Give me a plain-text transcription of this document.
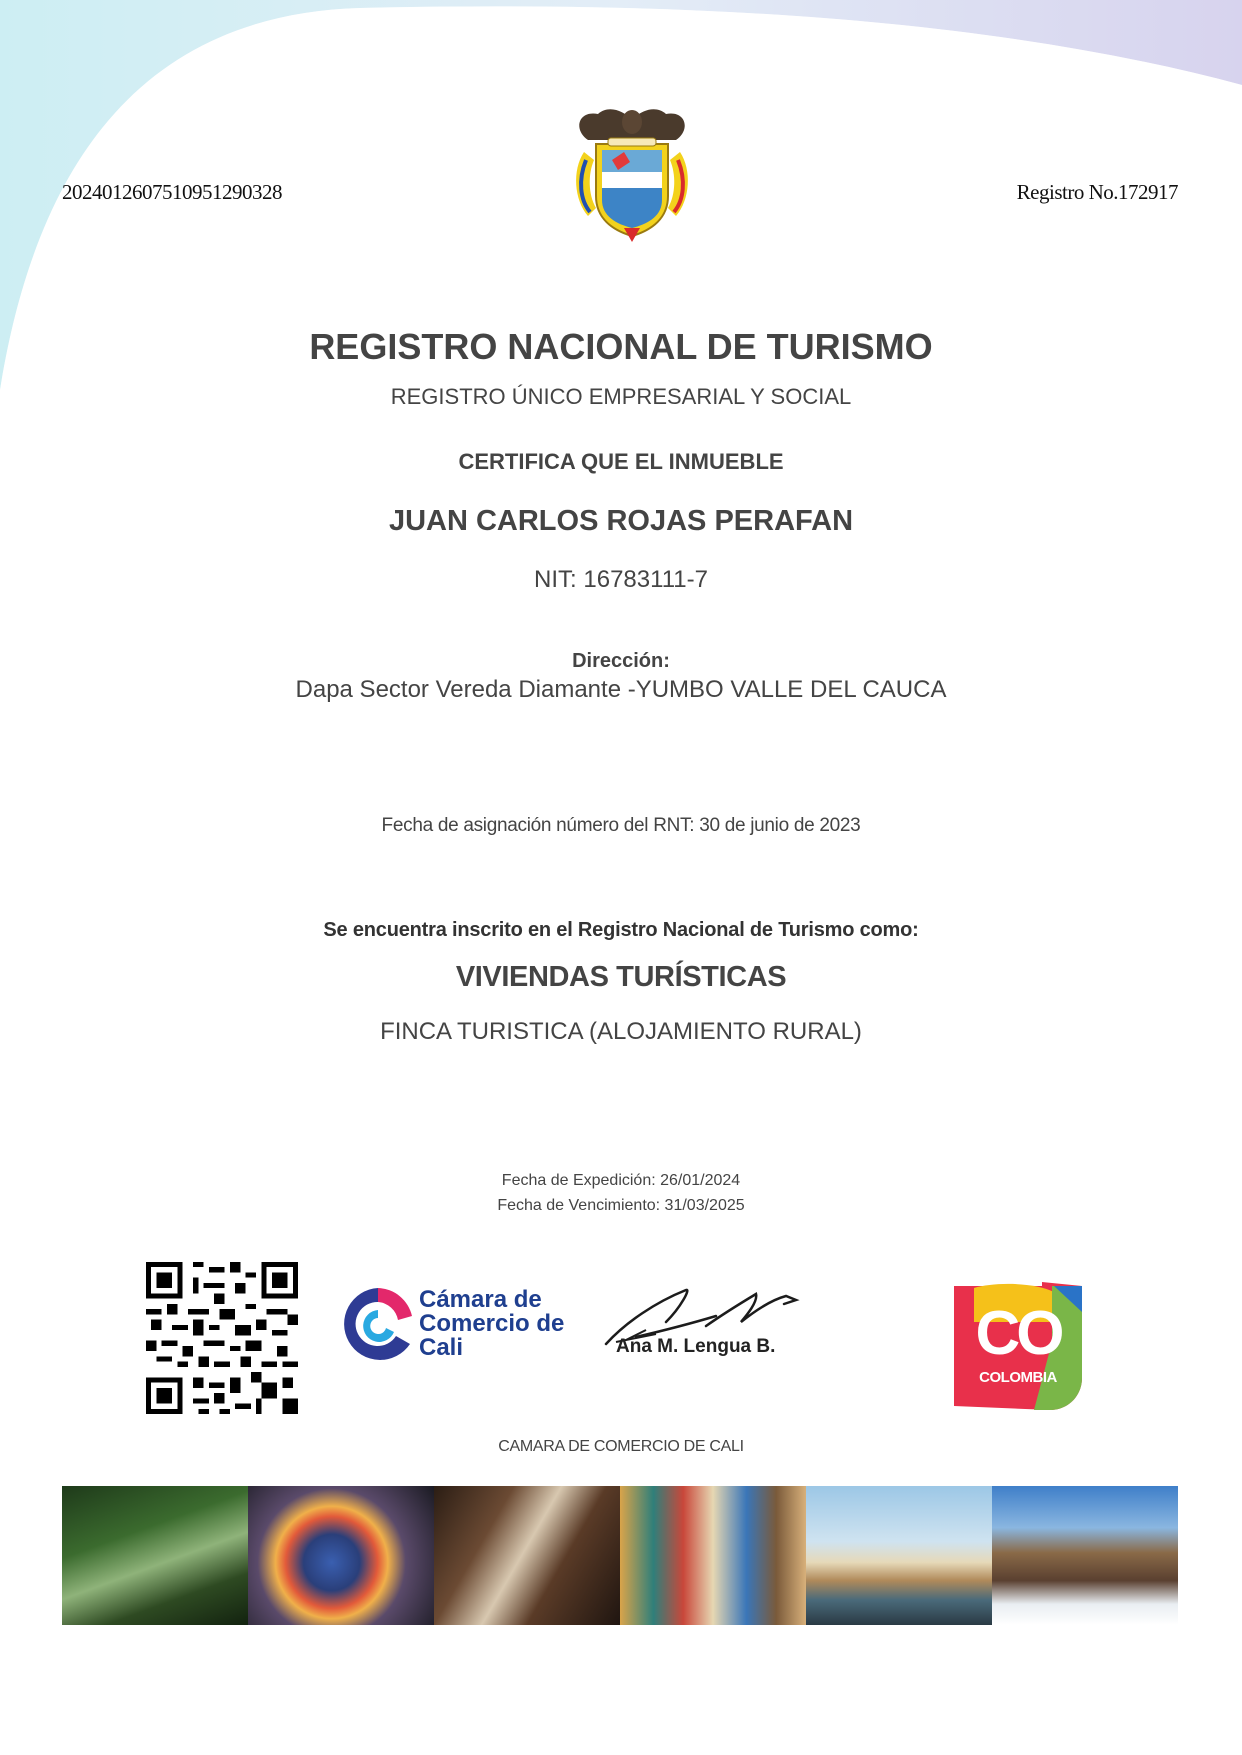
20240126075109512903​28	Registro No.172917
REGISTRO NACIONAL DE TURISMO
REGISTRO ÚNICO EMPRESARIAL Y SOCIAL
CERTIFICA QUE EL INMUEBLE
JUAN CARLOS ROJAS PERAFAN
NIT: 16783111-7
Dirección:
Dapa Sector Vereda Diamante -YUMBO VALLE DEL CAUCA
Fecha de asignación número del RNT: 30 de junio de 2023
Se encuentra inscrito en el Registro Nacional de Turismo como:
VIVIENDAS TURÍSTICAS
FINCA TURISTICA (ALOJAMIENTO RURAL)
Fecha de Expedición: 26/01/2024
Fecha de Vencimiento: 31/03/2025
Cámara de
Comercio de
Cali	Ana M. Lengua B.	CO
COLOMBIA
CAMARA DE COMERCIO DE CALI
